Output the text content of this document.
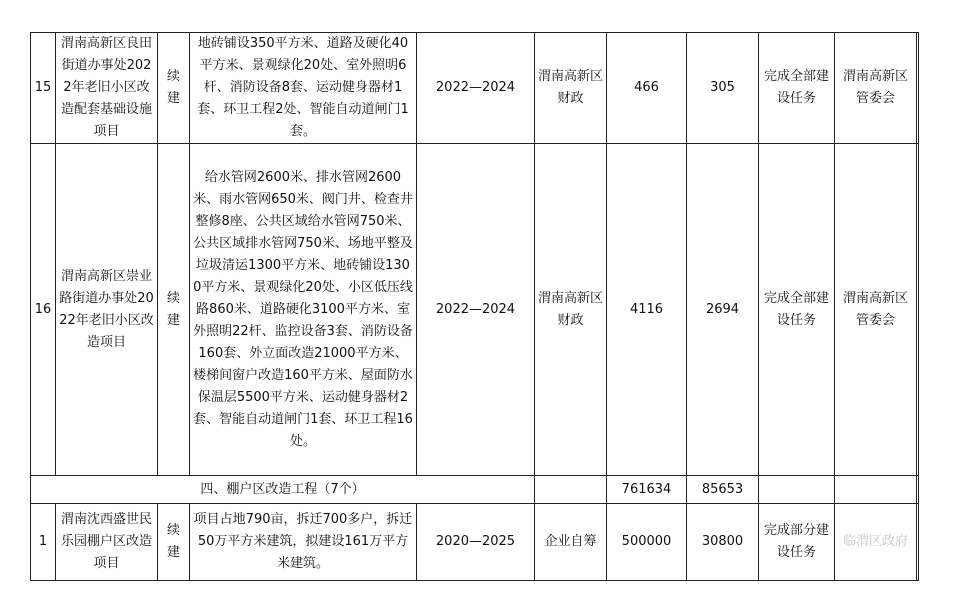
15	渭南高新区良田街道办事处2022年老旧小区改造配套基础设施项目	续建	地砖铺设350平方米、道路及硬化40平方米、景观绿化20处、室外照明6杆、消防设备8套、运动健身器材1套、环卫工程2处、智能自动道闸门1套。	2022—2024	渭南高新区财政	466	305	完成全部建设任务	渭南高新区管委会	
16	渭南高新区崇业路街道办事处2022年老旧小区改造项目	续建	给水管网2600米、排水管网2600米、雨水管网650米、阀门井、检查井整修8座、公共区域给水管网750米、公共区域排水管网750米、场地平整及垃圾清运1300平方米、地砖铺设1300平方米、景观绿化20处、小区低压线路860米、道路硬化3100平方米、室外照明22杆、监控设备3套、消防设备160套、外立面改造21000平方米、楼梯间窗户改造160平方米、屋面防水保温层5500平方米、运动健身器材2套、智能自动道闸门1套、环卫工程16处。	2022—2024	渭南高新区财政	4116	2694	完成全部建设任务	渭南高新区管委会	
四、棚户区改造工程（7个）						761634	85653			
1	渭南沈西盛世民乐园棚户区改造项目	续建	项目占地790亩，拆迁700多户，拆迁50万平方米建筑，拟建设161万平方米建筑。	2020—2025	企业自筹	500000	30800	完成部分建设任务	临渭区政府	
